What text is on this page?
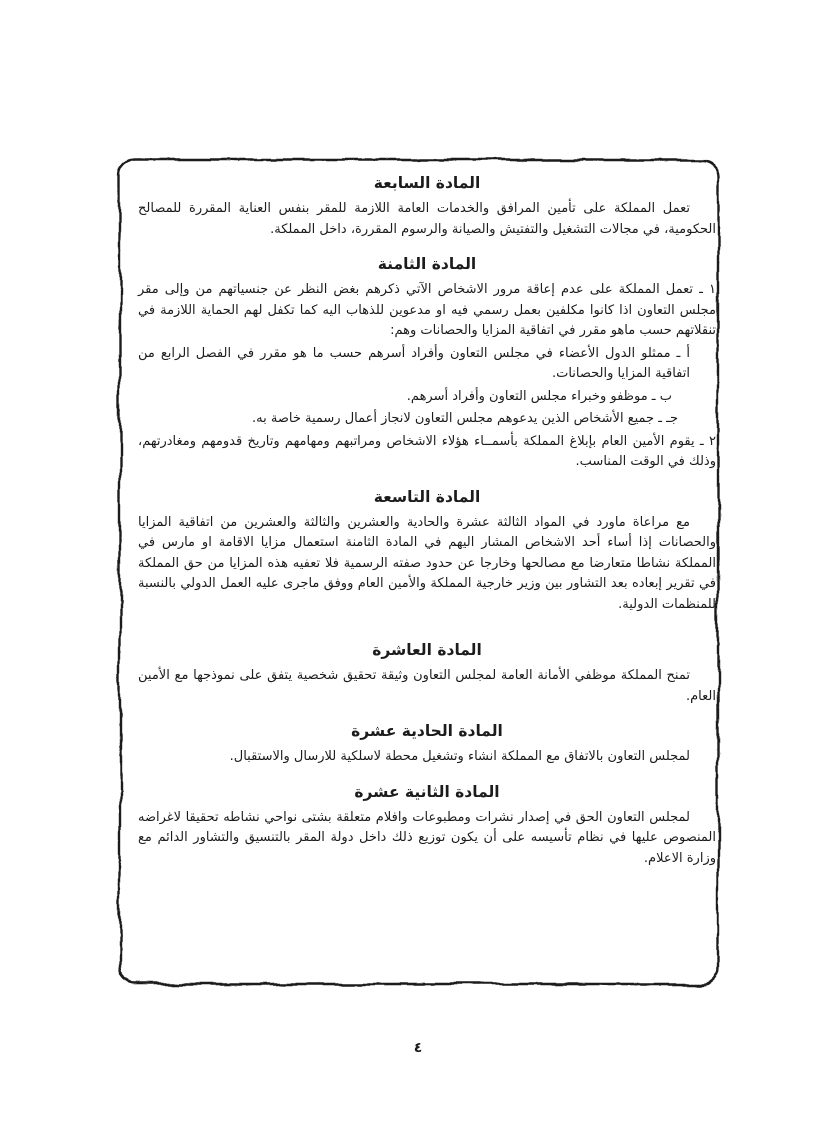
المادة السابعة

تعمل المملكة على تأمين المرافق والخدمات العامة اللازمة للمقر بنفس العناية المقررة للمصالح الحكومية، في مجالات التشغيل والتفتيش والصيانة والرسوم المقررة، داخل المملكة.

المادة الثامنة

١ ـ تعمل المملكة على عدم إعاقة مرور الاشخاص الآتي ذكرهم بغض النظر عن جنسياتهم من وإلى مقر مجلس التعاون اذا كانوا مكلفين بعمل رسمي فيه او مدعوين للذهاب اليه كما تكفل لهم الحماية اللازمة في تنقلاتهم حسب ماهو مقرر في اتفاقية المزايا والحصانات وهم:

أ ـ ممثلو الدول الأعضاء في مجلس التعاون وأفراد أسرهم حسب ما هو مقرر في الفصل الرابع من اتفاقية المزايا والحصانات.

ب ـ موظفو وخبراء مجلس التعاون وأفراد أسرهم.

جـ ـ جميع الأشخاص الذين يدعوهم مجلس التعاون لانجاز أعمال رسمية خاصة به.

٢ ـ يقوم الأمين العام بإبلاغ المملكة بأسمــاء هؤلاء الاشخاص ومراتبهم ومهامهم وتاريخ قدومهم ومغادرتهم، وذلك في الوقت المناسب.

المادة التاسعة

مع مراعاة ماورد في المواد الثالثة عشرة والحادية والعشرين والثالثة والعشرين من اتفاقية المزايا والحصانات إذا أساء أحد الاشخاص المشار اليهم في المادة الثامنة استعمال مزايا الاقامة او مارس في المملكة نشاطا متعارضا مع مصالحها وخارجا عن حدود صفته الرسمية فلا تعفيه هذه المزايا من حق المملكة في تقرير إبعاده بعد التشاور بين وزير خارجية المملكة والأمين العام ووفق ماجرى عليه العمل الدولي بالنسبة للمنظمات الدولية.

المادة العاشرة

تمنح المملكة موظفي الأمانة العامة لمجلس التعاون وثيقة تحقيق شخصية يتفق على نموذجها مع الأمين العام.

المادة الحادية عشرة

لمجلس التعاون بالاتفاق مع المملكة انشاء وتشغيل محطة لاسلكية للارسال والاستقبال.

المادة الثانية عشرة

لمجلس التعاون الحق في إصدار نشرات ومطبوعات وافلام متعلقة بشتى نواحي نشاطه تحقيقا لاغراضه المنصوص عليها في نظام تأسيسه على أن يكون توزيع ذلك داخل دولة المقر بالتنسيق والتشاور الدائم مع وزارة الاعلام.

٤
